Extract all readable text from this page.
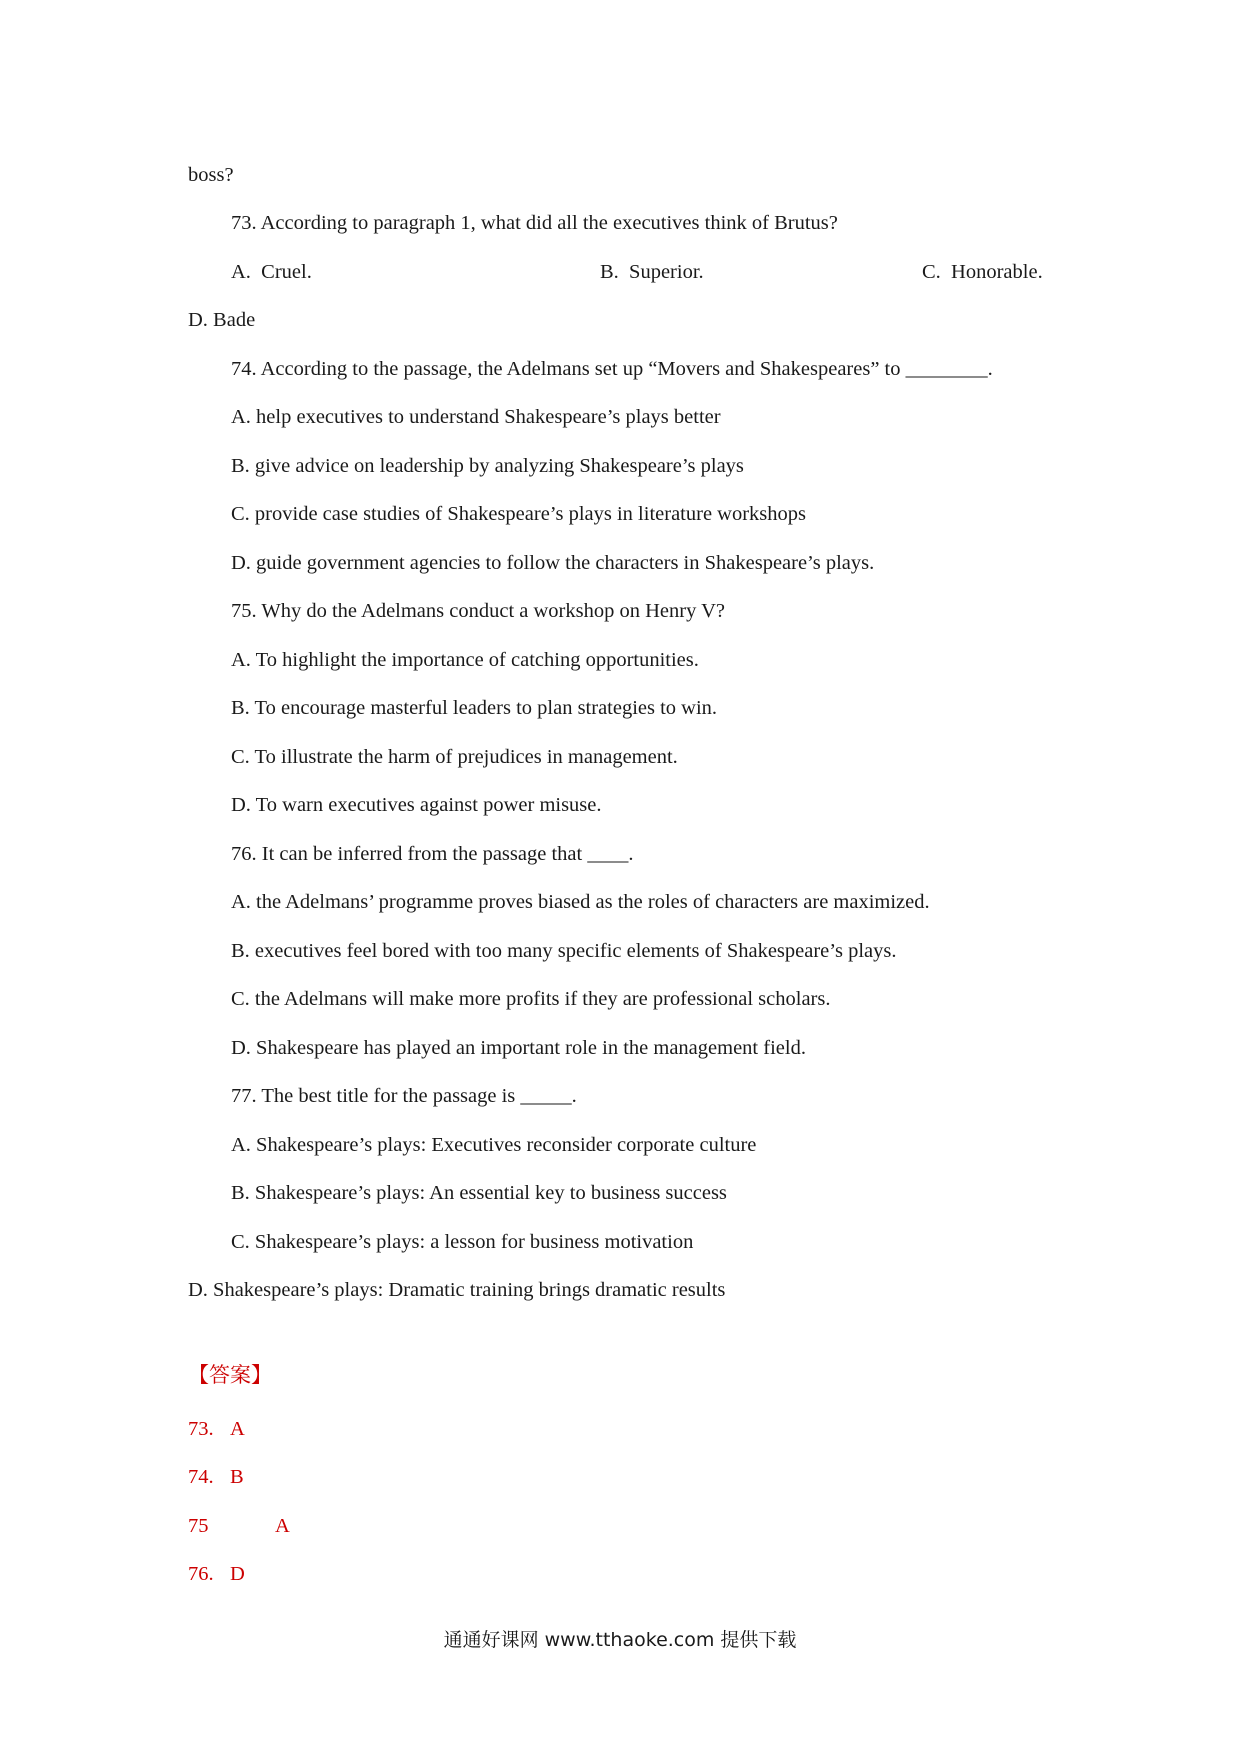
boss?
73. According to paragraph 1, what did all the executives think of Brutus?
A.  Cruel.	B.  Superior.	C.  Honorable.
D. Bade
74. According to the passage, the Adelmans set up “Movers and Shakespeares” to ________.
A. help executives to understand Shakespeare’s plays better
B. give advice on leadership by analyzing Shakespeare’s plays
C. provide case studies of Shakespeare’s plays in literature workshops
D. guide government agencies to follow the characters in Shakespeare’s plays.
75. Why do the Adelmans conduct a workshop on Henry V?
A. To highlight the importance of catching opportunities.
B. To encourage masterful leaders to plan strategies to win.
C. To illustrate the harm of prejudices in management.
D. To warn executives against power misuse.
76. It can be inferred from the passage that ____.
A. the Adelmans’ programme proves biased as the roles of characters are maximized.
B. executives feel bored with too many specific elements of Shakespeare’s plays.
C. the Adelmans will make more profits if they are professional scholars.
D. Shakespeare has played an important role in the management field.
77. The best title for the passage is _____.
A. Shakespeare’s plays: Executives reconsider corporate culture
B. Shakespeare’s plays: An essential key to business success
C. Shakespeare’s plays: a lesson for business motivation
D. Shakespeare’s plays: Dramatic training brings dramatic results
【答案】
73. A
74. B
75	A
76. D
通通好课网 www.tthaoke.com 提供下载
